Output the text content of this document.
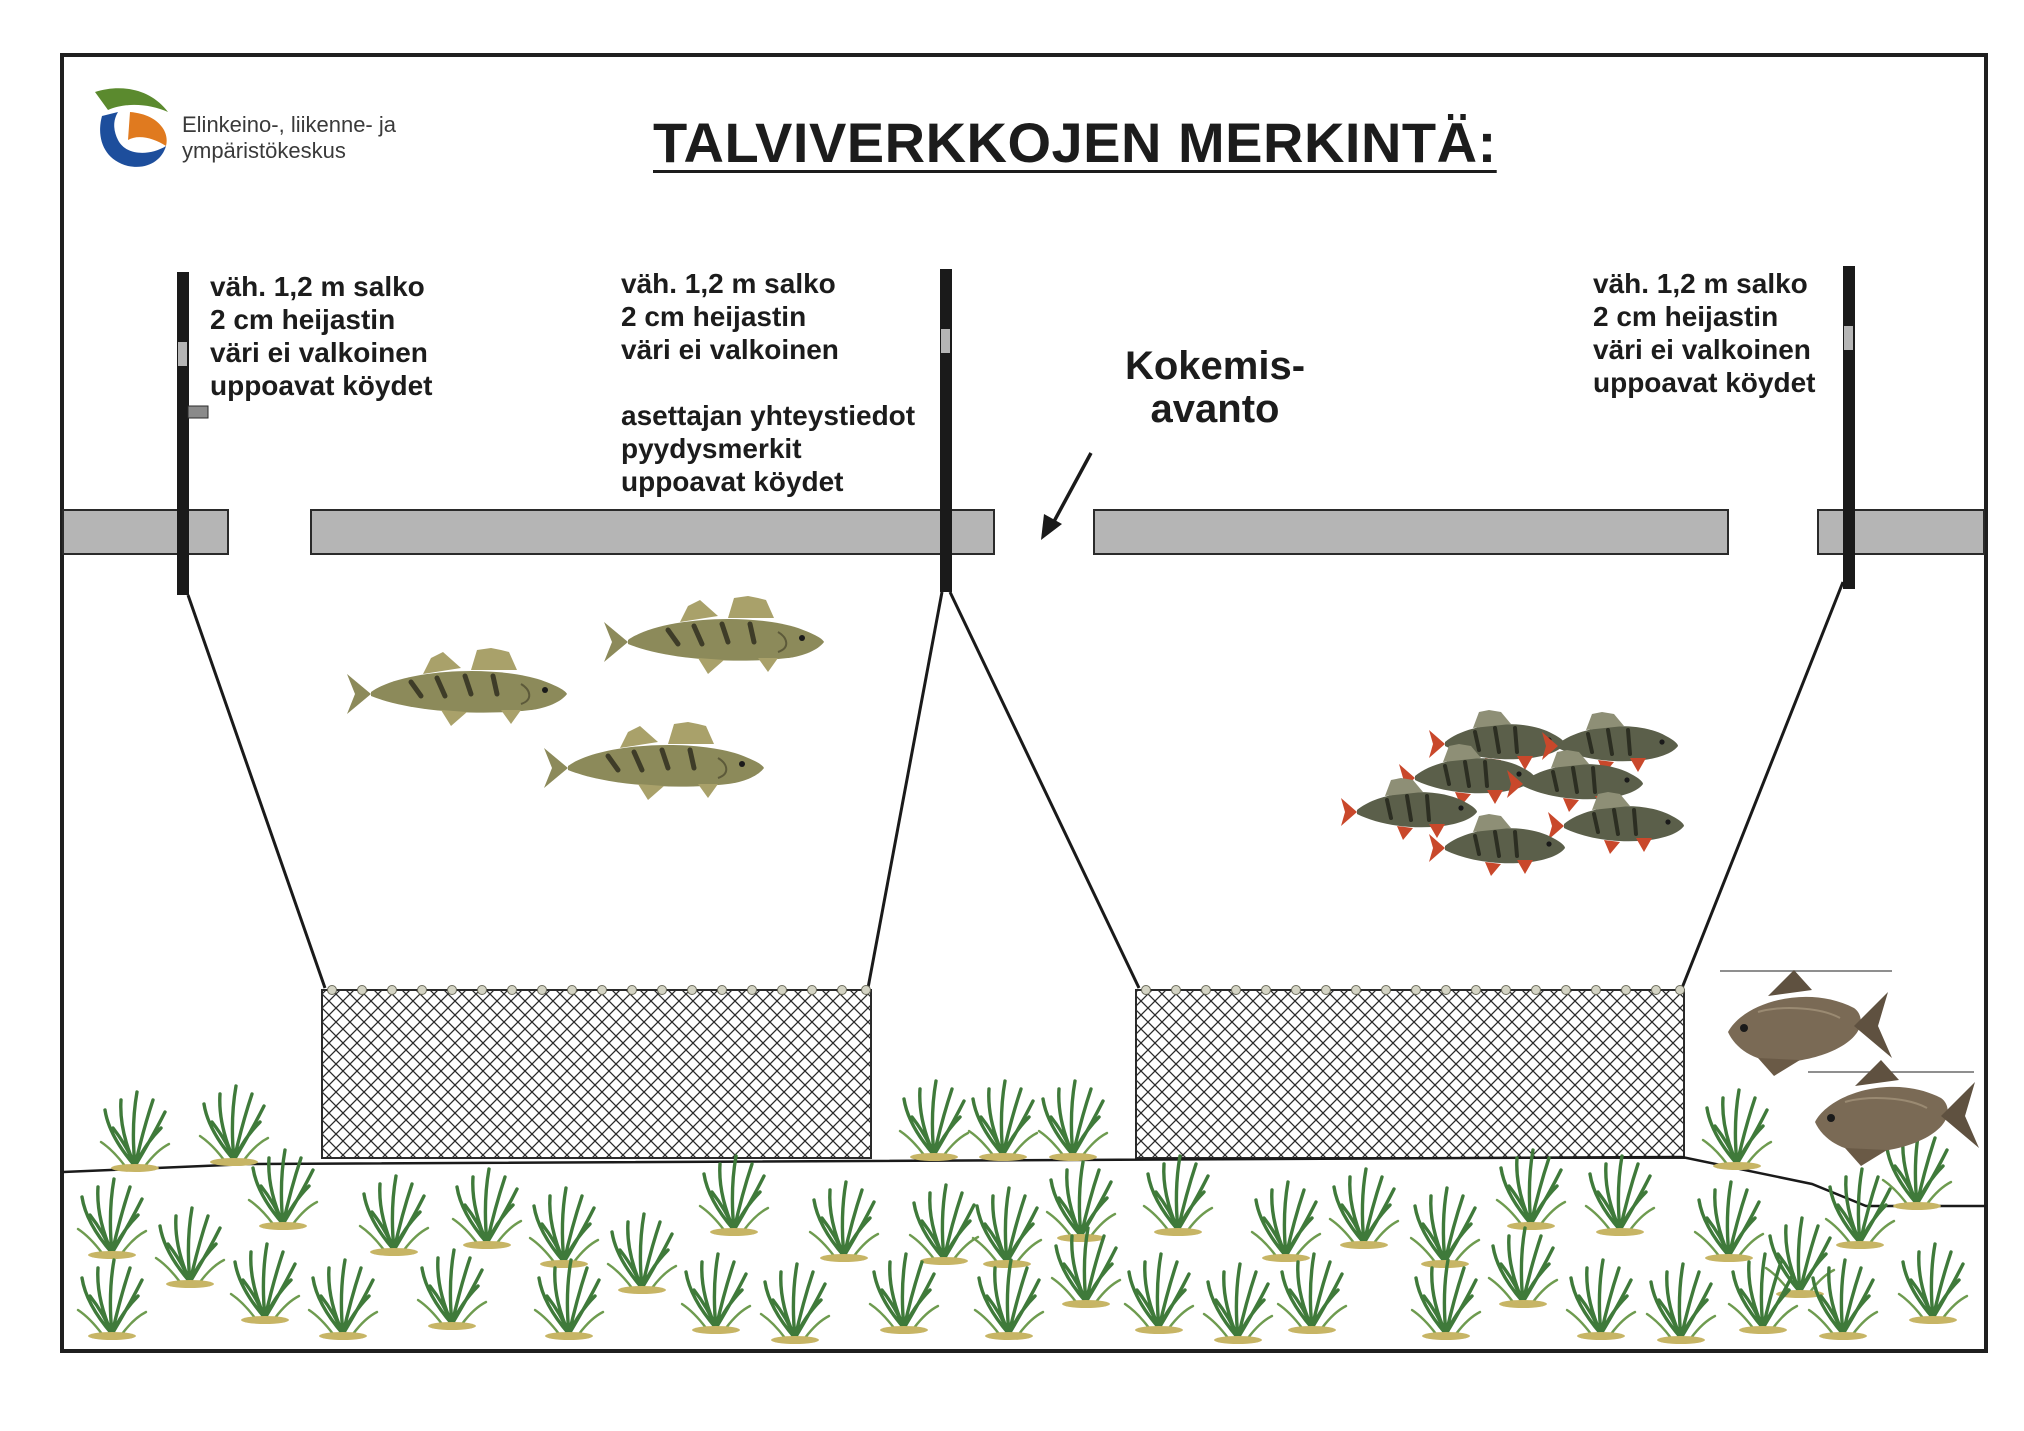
Elinkeino-, liikenne- ja
ympäristökeskus	TALVIVERKKOJEN MERKINTÄ:
väh. 1,2 m salko
2 cm heijastin
väri ei valkoinen
uppoavat köydet
väh. 1,2 m salko
2 cm heijastin
väri ei valkoinen
asettajan yhteystiedot
pyydysmerkit
uppoavat köydet
väh. 1,2 m salko
2 cm heijastin
väri ei valkoinen
uppoavat köydet
Kokemis-
avanto
